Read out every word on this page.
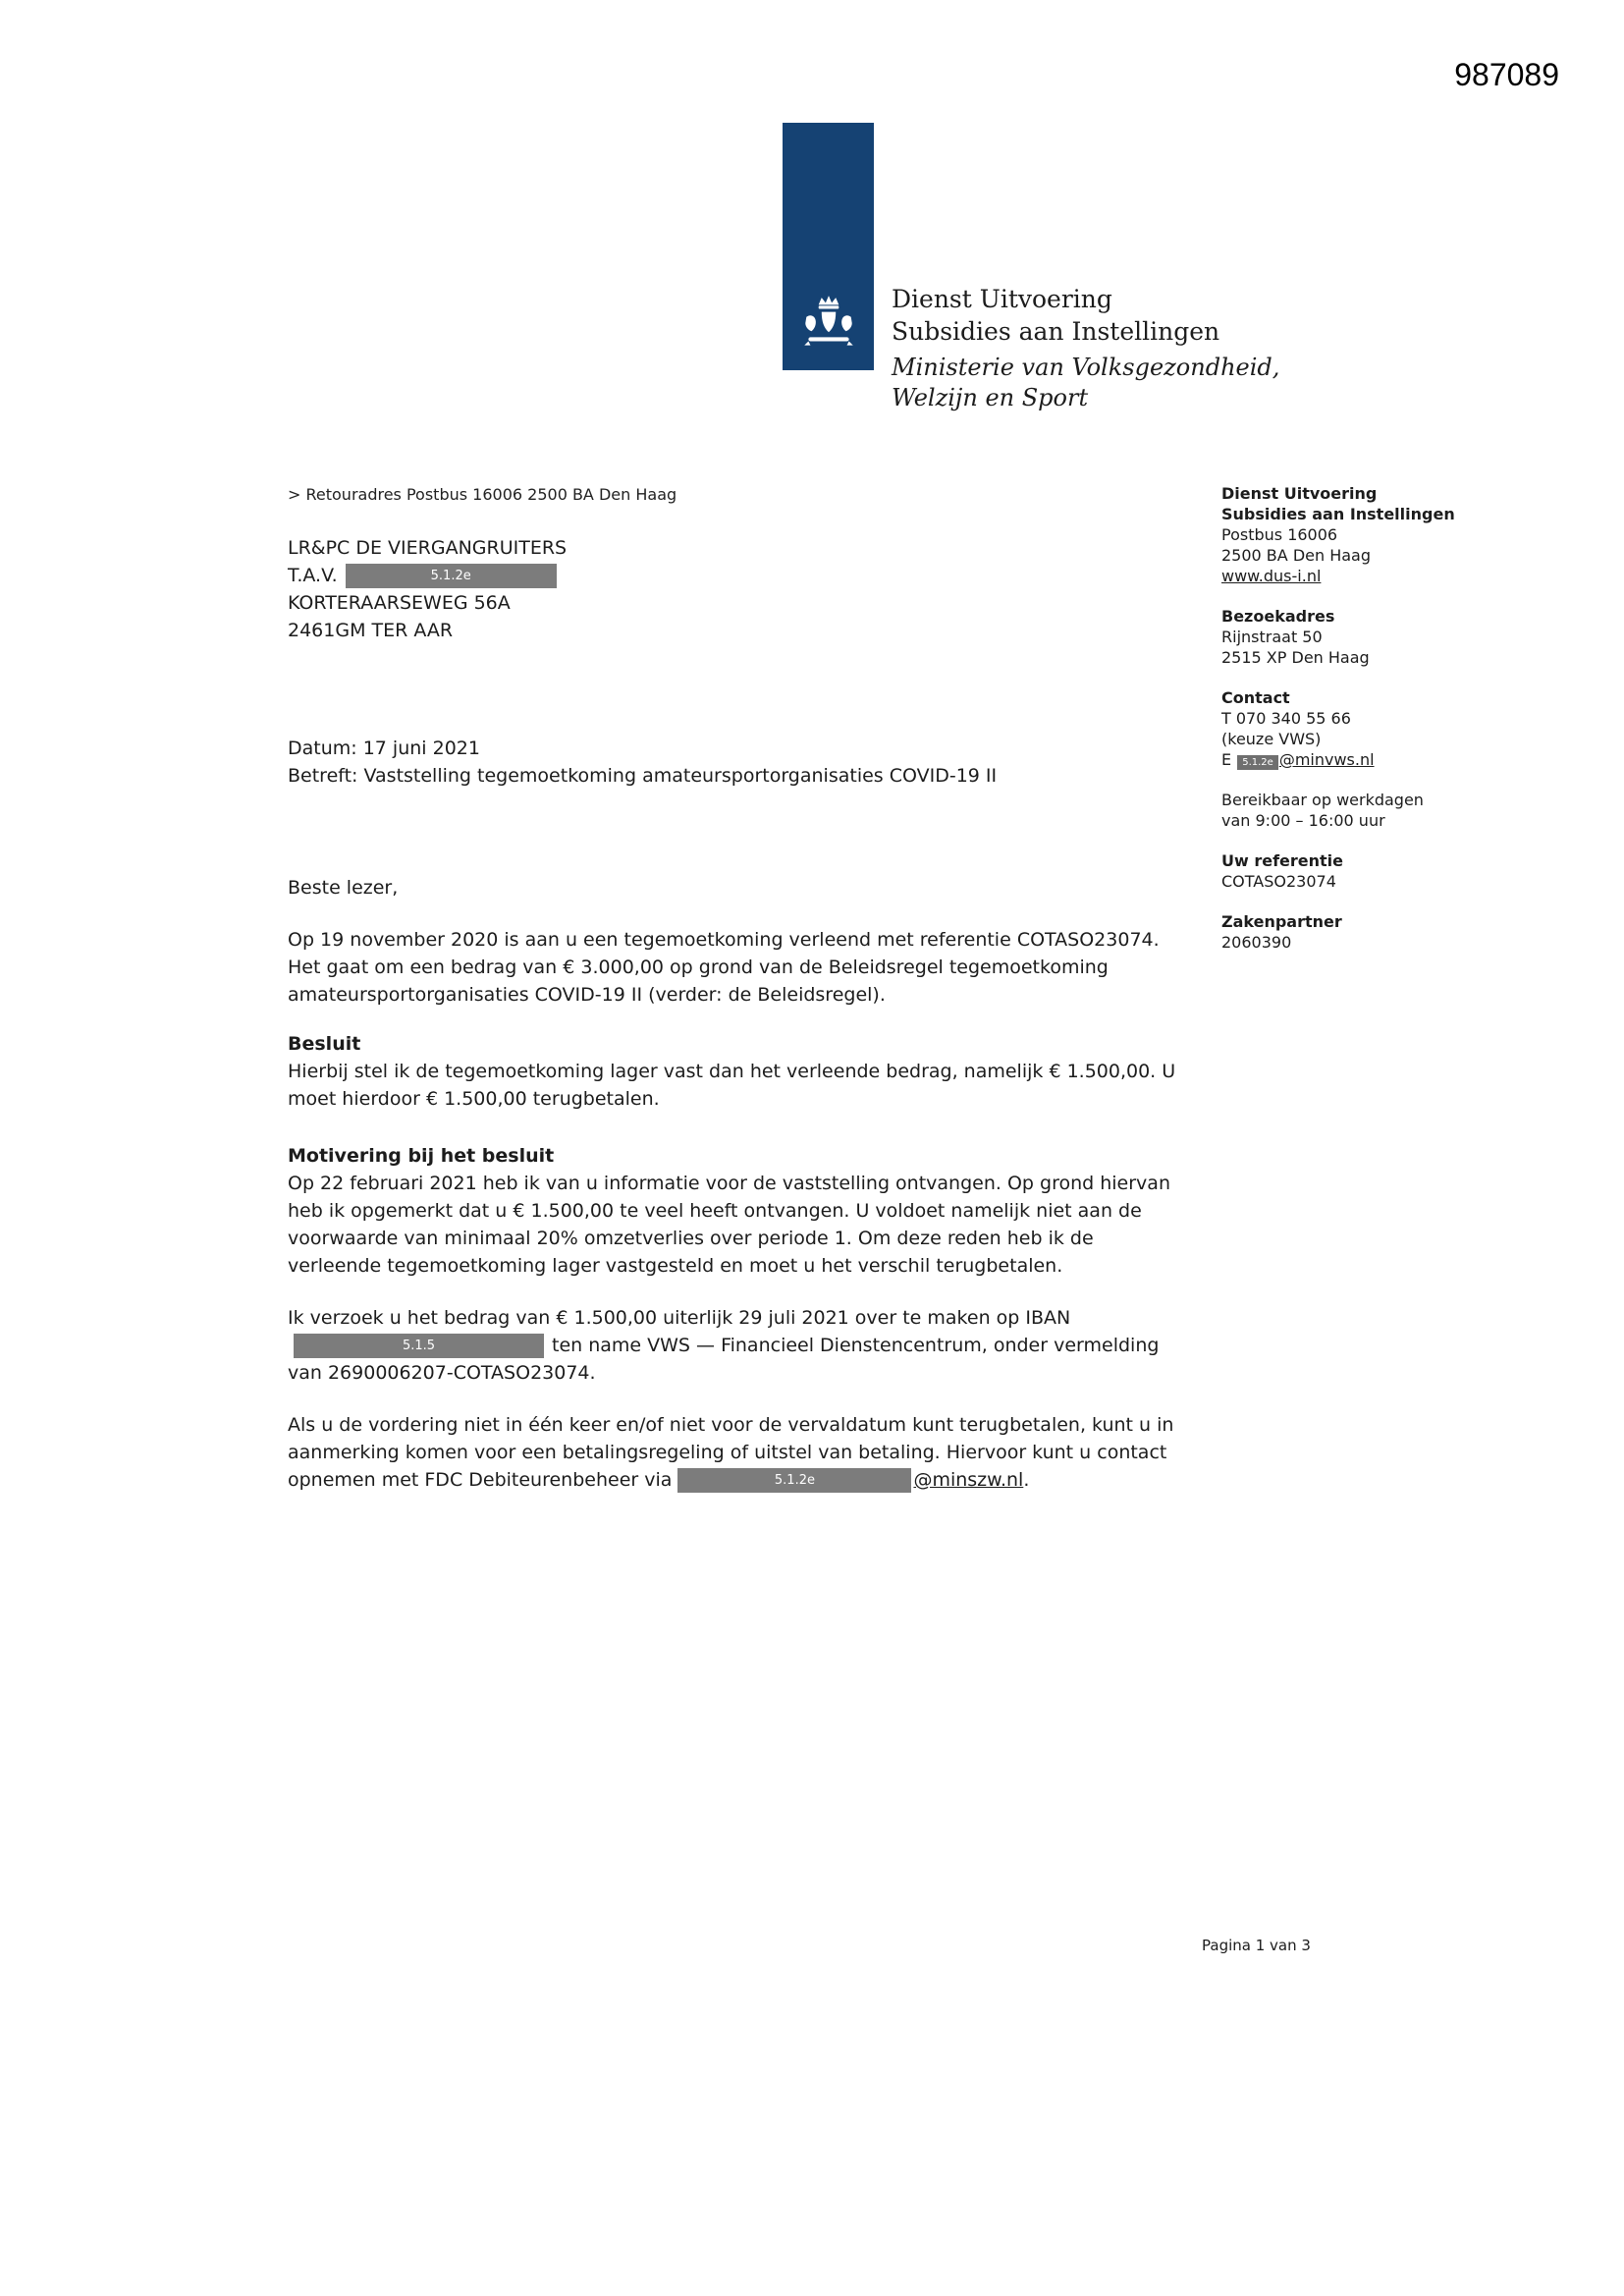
987089
Dienst Uitvoering
Subsidies aan Instellingen
Ministerie van Volksgezondheid,
Welzijn en Sport
> Retouradres Postbus 16006 2500 BA Den Haag
LR&PC DE VIERGANGRUITERS
T.A.V.	5.1.2e
KORTERAARSEWEG 56A
2461GM TER AAR
Datum: 17 juni 2021
Betreft: Vaststelling tegemoetkoming amateursportorganisaties COVID-19 II
Beste lezer,

Op 19 november 2020 is aan u een tegemoetkoming verleend met referentie COTASO23074. Het gaat om een bedrag van € 3.000,00 op grond van de Beleidsregel tegemoetkoming amateursportorganisaties COVID-19 II (verder: de Beleidsregel).

Besluit

Hierbij stel ik de tegemoetkoming lager vast dan het verleende bedrag, namelijk € 1.500,00. U moet hierdoor € 1.500,00 terugbetalen.

Motivering bij het besluit

Op 22 februari 2021 heb ik van u informatie voor de vaststelling ontvangen. Op grond hiervan heb ik opgemerkt dat u € 1.500,00 te veel heeft ontvangen. U voldoet namelijk niet aan de voorwaarde van minimaal 20% omzetverlies over periode 1. Om deze reden heb ik de verleende tegemoetkoming lager vastgesteld en moet u het verschil terugbetalen.

Ik verzoek u het bedrag van € 1.500,00 uiterlijk 29 juli 2021 over te maken op IBAN5.1.5	ten name VWS — Financieel Dienstencentrum, onder vermelding van 2690006207-COTASO23074.

Als u de vordering niet in één keer en/of niet voor de vervaldatum kunt terugbetalen, kunt u in aanmerking komen voor een betalingsregeling of uitstel van betaling. Hiervoor kunt u contact opnemen met FDC Debiteurenbeheer via	5.1.2e	@minszw.nl.

Dienst Uitvoering
Subsidies aan Instellingen
Postbus 16006
2500 BA Den Haag
www.dus-i.nl
Bezoekadres
Rijnstraat 50
2515 XP Den Haag
Contact
T 070 340 55 66
(keuze VWS)
E 5.1.2e @minvws.nl
Bereikbaar op werkdagen
van 9:00 – 16:00 uur
Uw referentie
COTASO23074
Zakenpartner
2060390
Pagina 1 van 3
